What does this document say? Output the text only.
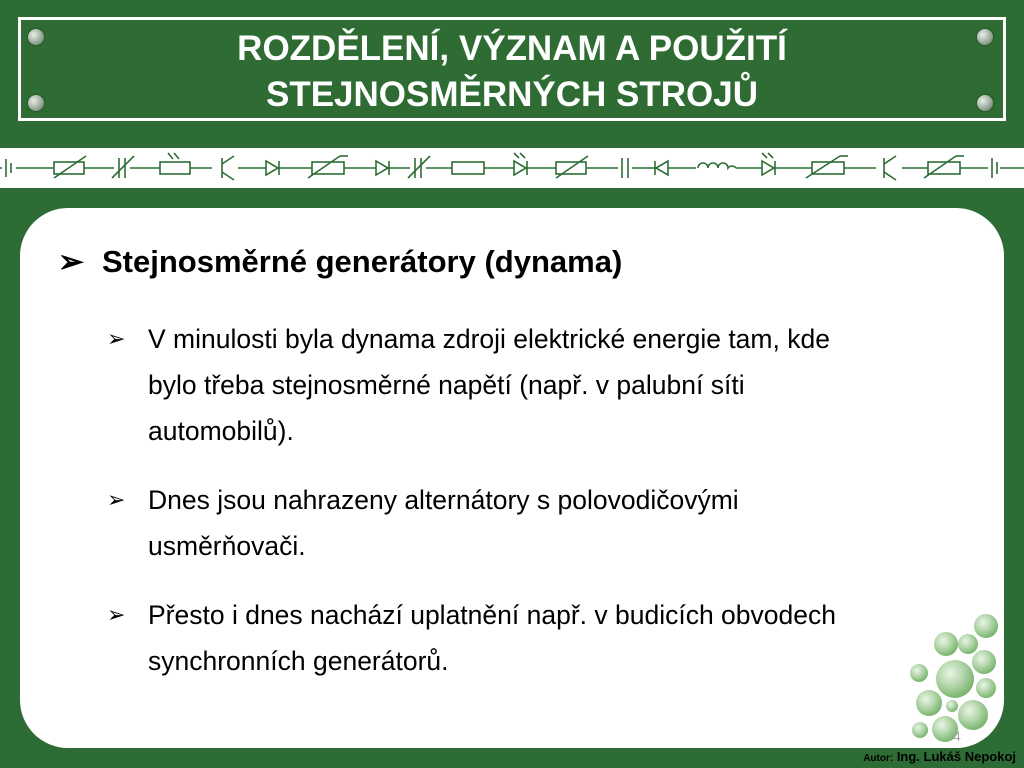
ROZDĚLENÍ, VÝZNAM A POUŽITÍ
STEJNOSMĚRNÝCH STROJŮ
➢ Stejnosměrné generátory (dynama)
➢ V minulosti byla dynama zdroji elektrické energie tam, kde
bylo třeba stejnosměrné napětí (např. v palubní síti
automobilů).
➢ Dnes jsou nahrazeny alternátory s polovodičovými
usměrňovači.
➢ Přesto i dnes nachází uplatnění např. v budicích obvodech
synchronních generátorů.
4
Autor: Ing. Lukáš Nepokoj
